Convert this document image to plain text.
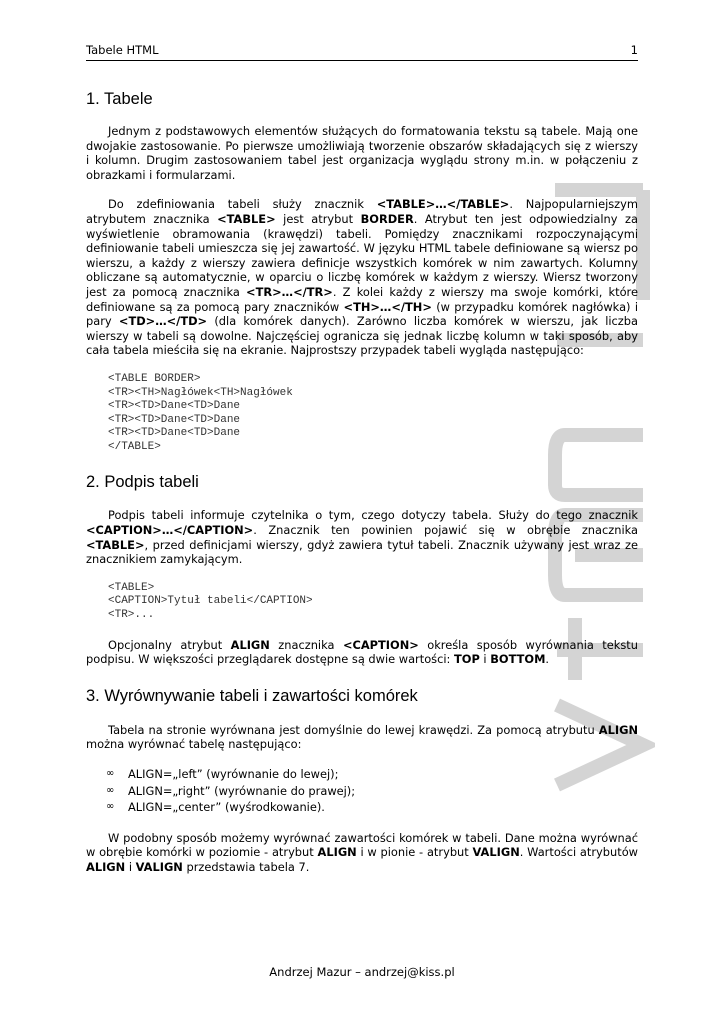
Tabele HTML	1
1. Tabele

Jednym z podstawowych elementów służących do formatowania tekstu są tabele. Mają one dwojakie zastosowanie. Po pierwsze umożliwiają tworzenie obszarów składających się z wierszy i kolumn. Drugim zastosowaniem tabel jest organizacja wyglądu strony m.in. w połączeniu z obrazkami i formularzami.

Do zdefiniowania tabeli służy znacznik <TABLE>…</TABLE>. Najpopularniejszym atrybutem znacznika <TABLE> jest atrybut BORDER. Atrybut ten jest odpowiedzialny za wyświetlenie obramowania (krawędzi) tabeli. Pomiędzy znacznikami rozpoczynającymi definiowanie tabeli umieszcza się jej zawartość. W języku HTML tabele definiowane są wiersz po wierszu, a każdy z wierszy zawiera definicje wszystkich komórek w nim zawartych. Kolumny obliczane są automatycznie, w oparciu o liczbę komórek w każdym z wierszy. Wiersz tworzony jest za pomocą znacznika <TR>…</TR>. Z kolei każdy z wierszy ma swoje komórki, które definiowane są za pomocą pary znaczników <TH>…</TH> (w przypadku komórek nagłówka) i pary <TD>…</TD> (dla komórek danych). Zarówno liczba komórek w wierszu, jak liczba wierszy w tabeli są dowolne. Najczęściej ogranicza się jednak liczbę kolumn w taki sposób, aby cała tabela mieściła się na ekranie. Najprostszy przypadek tabeli wygląda następująco:

<TABLE BORDER>
<TR><TH>Nagłówek<TH>Nagłówek
<TR><TD>Dane<TD>Dane
<TR><TD>Dane<TD>Dane
<TR><TD>Dane<TD>Dane
</TABLE>
2. Podpis tabeli

Podpis tabeli informuje czytelnika o tym, czego dotyczy tabela. Służy do tego znacznik <CAPTION>…</CAPTION>. Znacznik ten powinien pojawić się w obrębie znacznika <TABLE>, przed definicjami wierszy, gdyż zawiera tytuł tabeli. Znacznik używany jest wraz ze znacznikiem zamykającym.

<TABLE>
<CAPTION>Tytuł tabeli</CAPTION>
<TR>...

Opcjonalny atrybut ALIGN znacznika <CAPTION> określa sposób wyrównania tekstu podpisu. W większości przeglądarek dostępne są dwie wartości: TOP i BOTTOM.

3. Wyrównywanie tabeli i zawartości komórek

Tabela na stronie wyrównana jest domyślnie do lewej krawędzi. Za pomocą atrybutu ALIGN można wyrównać tabelę następująco:

∞ ALIGN=„left” (wyrównanie do lewej);
∞ ALIGN=„right” (wyrównanie do prawej);
∞ ALIGN=„center” (wyśrodkowanie).

W podobny sposób możemy wyrównać zawartości komórek w tabeli. Dane można wyrównać w obrębie komórki w poziomie - atrybut ALIGN i w pionie - atrybut VALIGN. Wartości atrybutów ALIGN i VALIGN przedstawia tabela 7.

Andrzej Mazur – andrzej@kiss.pl
